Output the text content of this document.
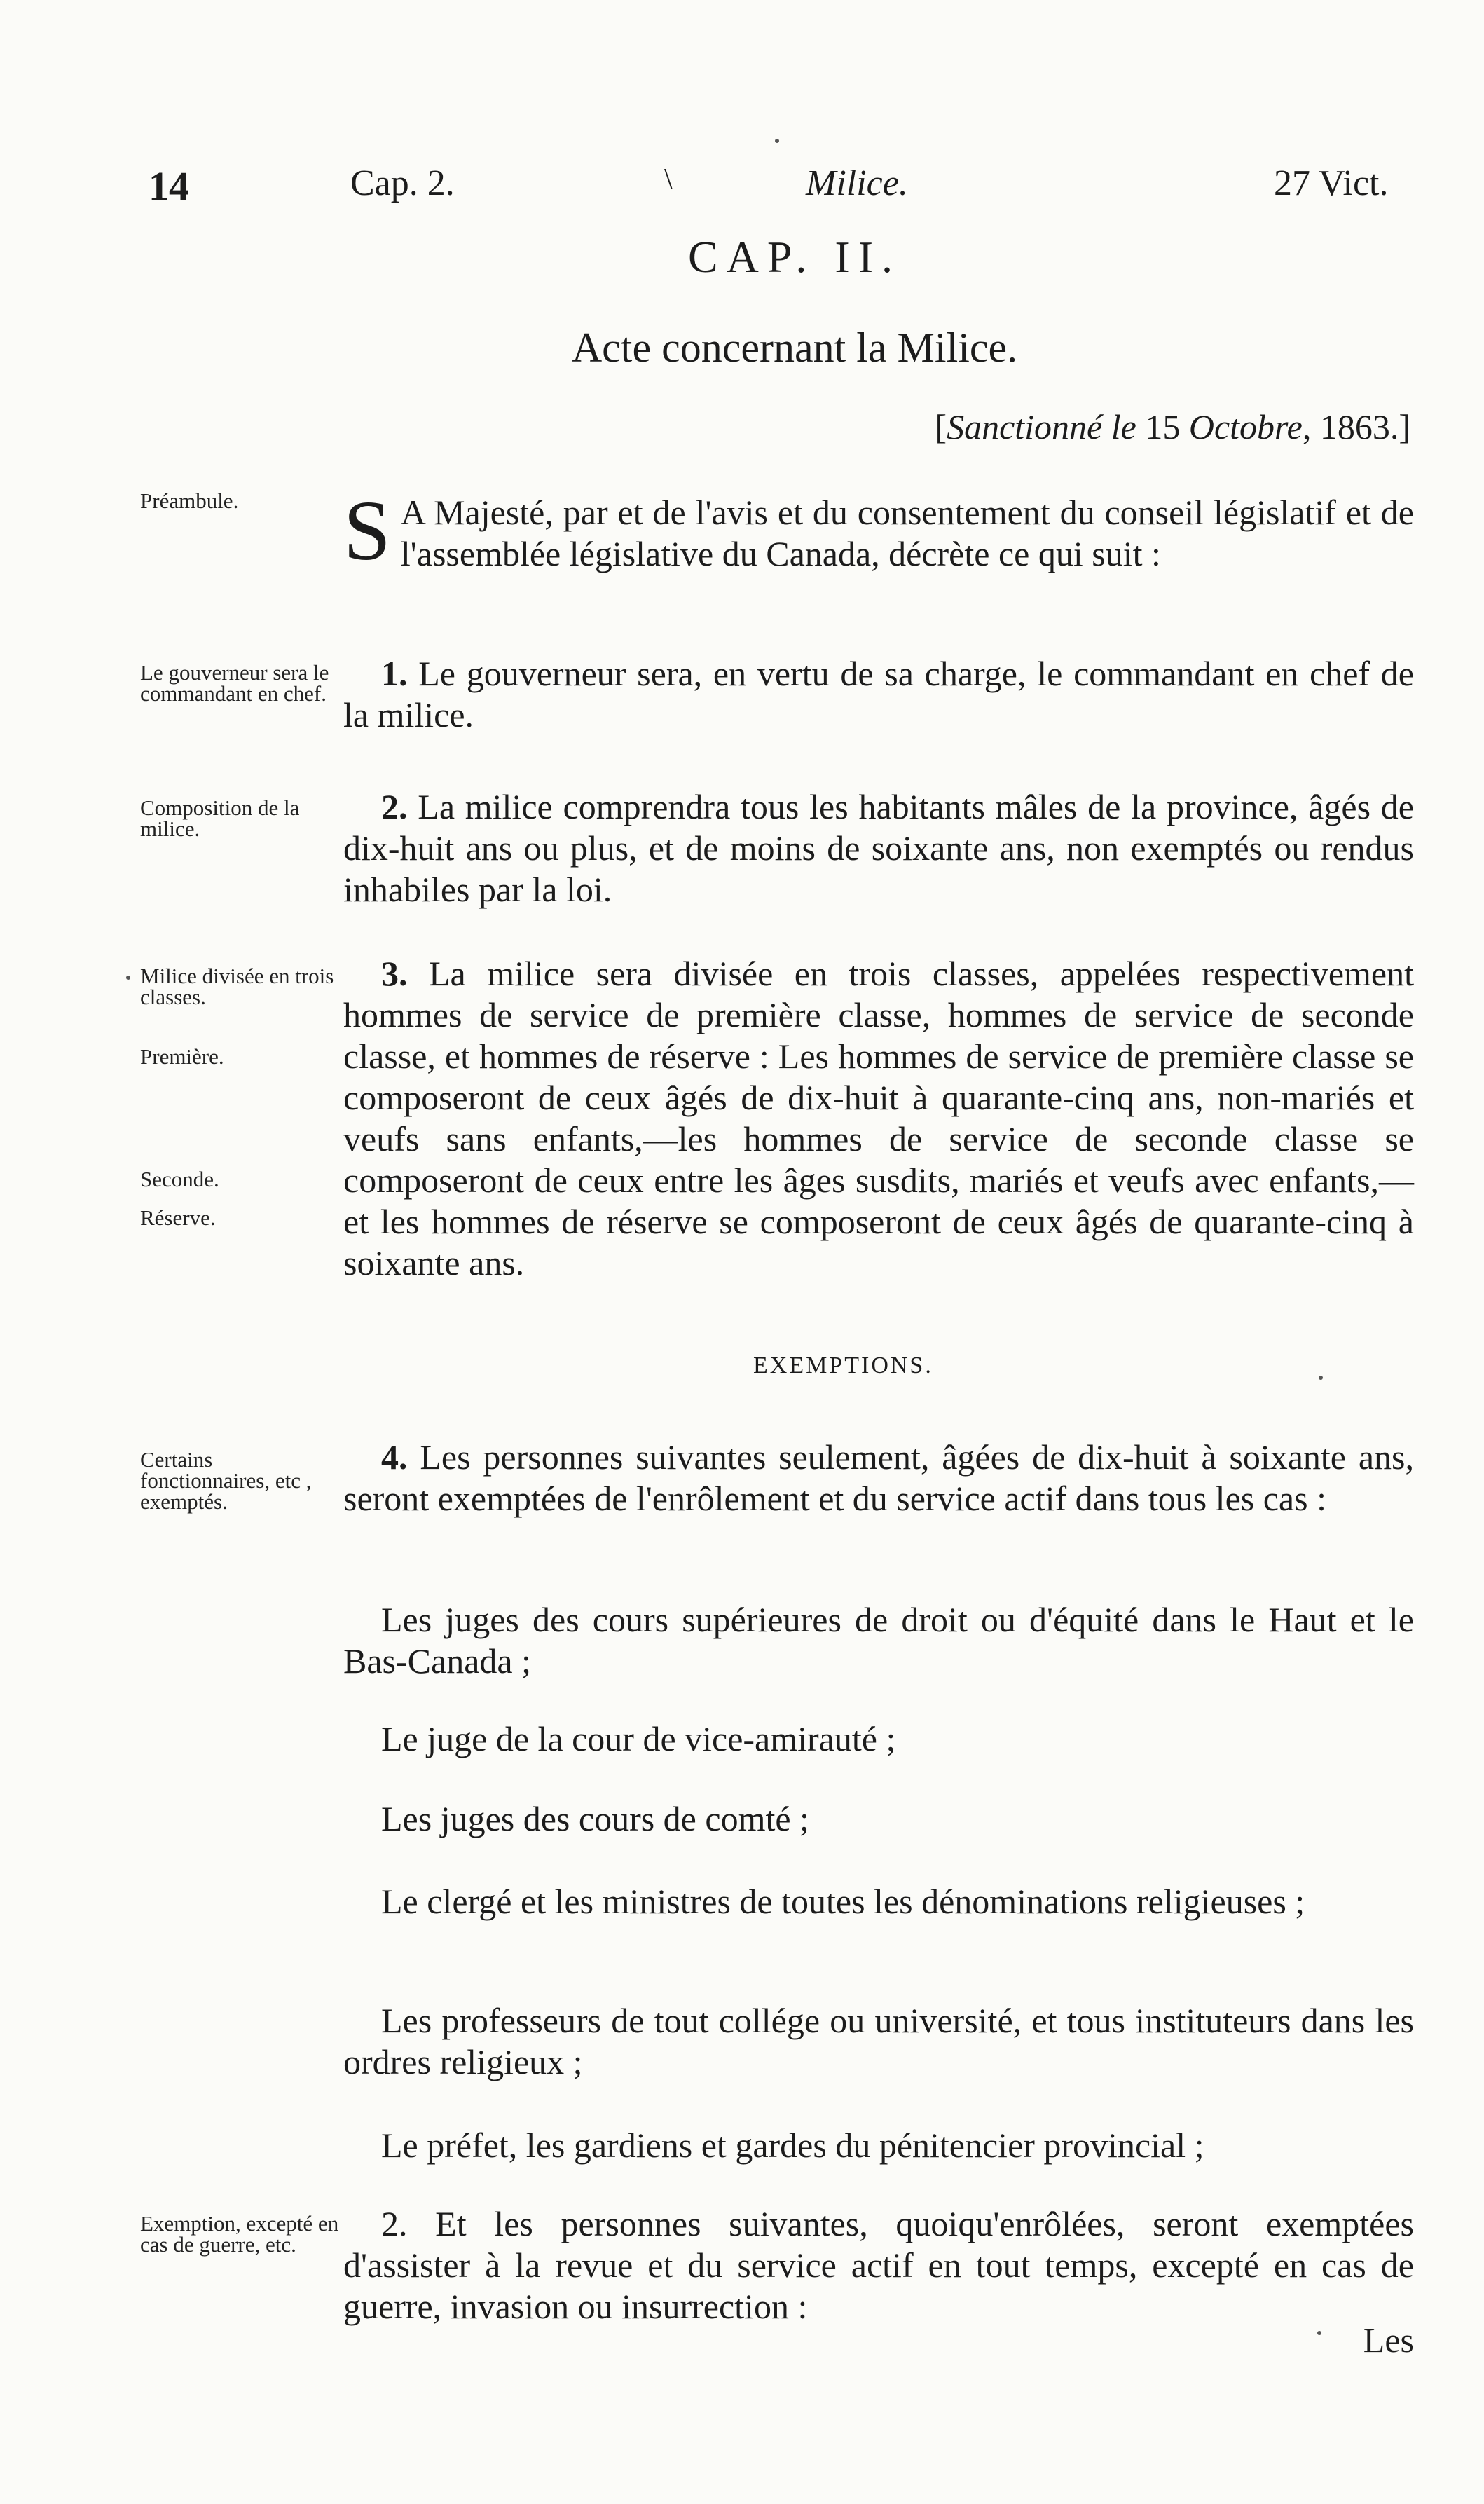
14	Cap. 2.	\	Milice.	27 Vict.
CAP. II.
Acte concernant la Milice.
[Sanctionné le 15 Octobre, 1863.]
Préambule.
Le gouverneur sera le commandant en chef.
Composition de la milice.
Milice divisée en trois classes.
Première.
Seconde.
Réserve.
Certains fonctionnaires, etc , exemptés.
Exemption, excepté en cas de guerre, etc.
S A Majesté, par et de l'avis et du consentement du conseil législatif et de l'assemblée législative du Canada, décrète ce qui suit :
1. Le gouverneur sera, en vertu de sa charge, le commandant en chef de la milice.
2. La milice comprendra tous les habitants mâles de la province, âgés de dix-huit ans ou plus, et de moins de soixante ans, non exemptés ou rendus inhabiles par la loi.
3. La milice sera divisée en trois classes, appelées respectivement hommes de service de première classe, hommes de service de seconde classe, et hommes de réserve : Les hommes de service de première classe se composeront de ceux âgés de dix-huit à quarante-cinq ans, non-mariés et veufs sans enfants,—les hommes de service de seconde classe se composeront de ceux entre les âges susdits, mariés et veufs avec enfants,—et les hommes de réserve se composeront de ceux âgés de quarante-cinq à soixante ans.
EXEMPTIONS.
4. Les personnes suivantes seulement, âgées de dix-huit à soixante ans, seront exemptées de l'enrôlement et du service actif dans tous les cas :
Les juges des cours supérieures de droit ou d'équité dans le Haut et le Bas-Canada ;
Le juge de la cour de vice-amirauté ;
Les juges des cours de comté ;
Le clergé et les ministres de toutes les dénominations religieuses ;
Les professeurs de tout collége ou université, et tous instituteurs dans les ordres religieux ;
Le préfet, les gardiens et gardes du pénitencier provincial ;
2. Et les personnes suivantes, quoiqu'enrôlées, seront exemptées d'assister à la revue et du service actif en tout temps, excepté en cas de guerre, invasion ou insurrection :
Les
